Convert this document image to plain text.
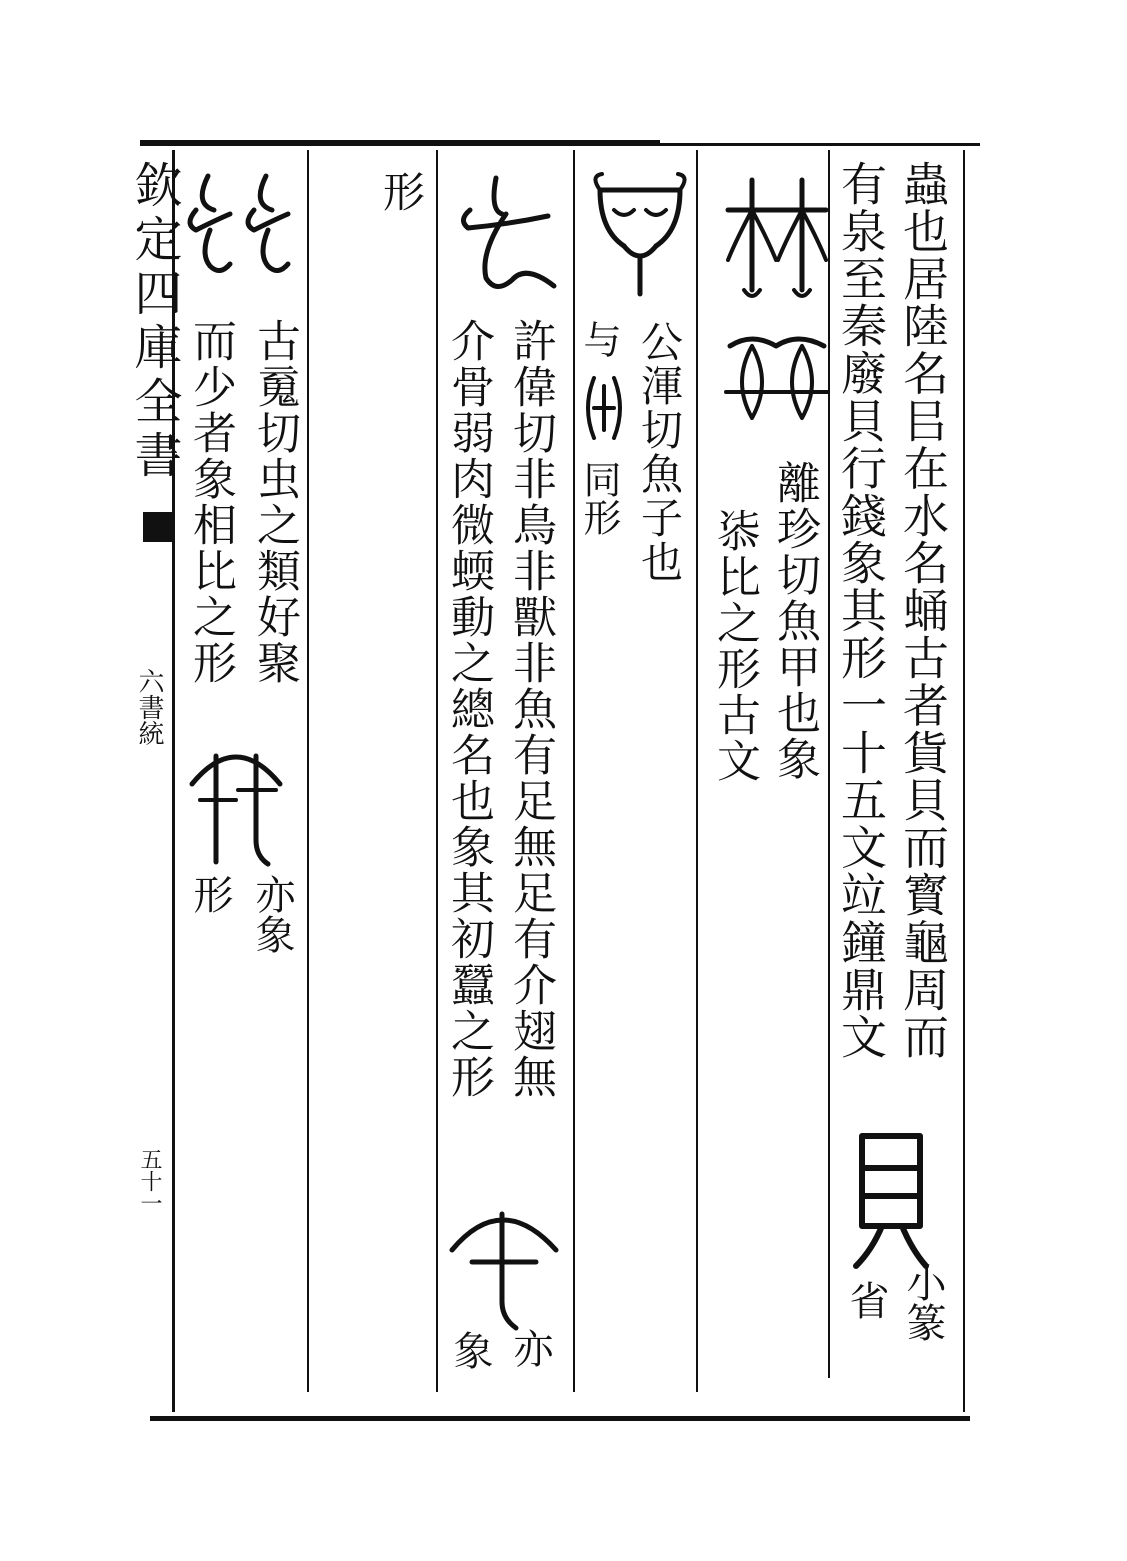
欽定四庫全書
六書統
五十一
蟲也居陸名㠯在水名蛹古者貨貝而寳龜周而
有泉至秦廢貝行錢象其形一十五文竝鐘鼎文
小篆
省
離珍切魚甲也象
㓒比之形古文
公渾切魚子也
与
同形
許偉切非鳥非獸非魚有足無足有介翅無
介骨弱肉微蝡動之總名也象其初蠶之形
亦
象
形
古䰟切虫之類好聚
而少者象相比之形
亦象
形
